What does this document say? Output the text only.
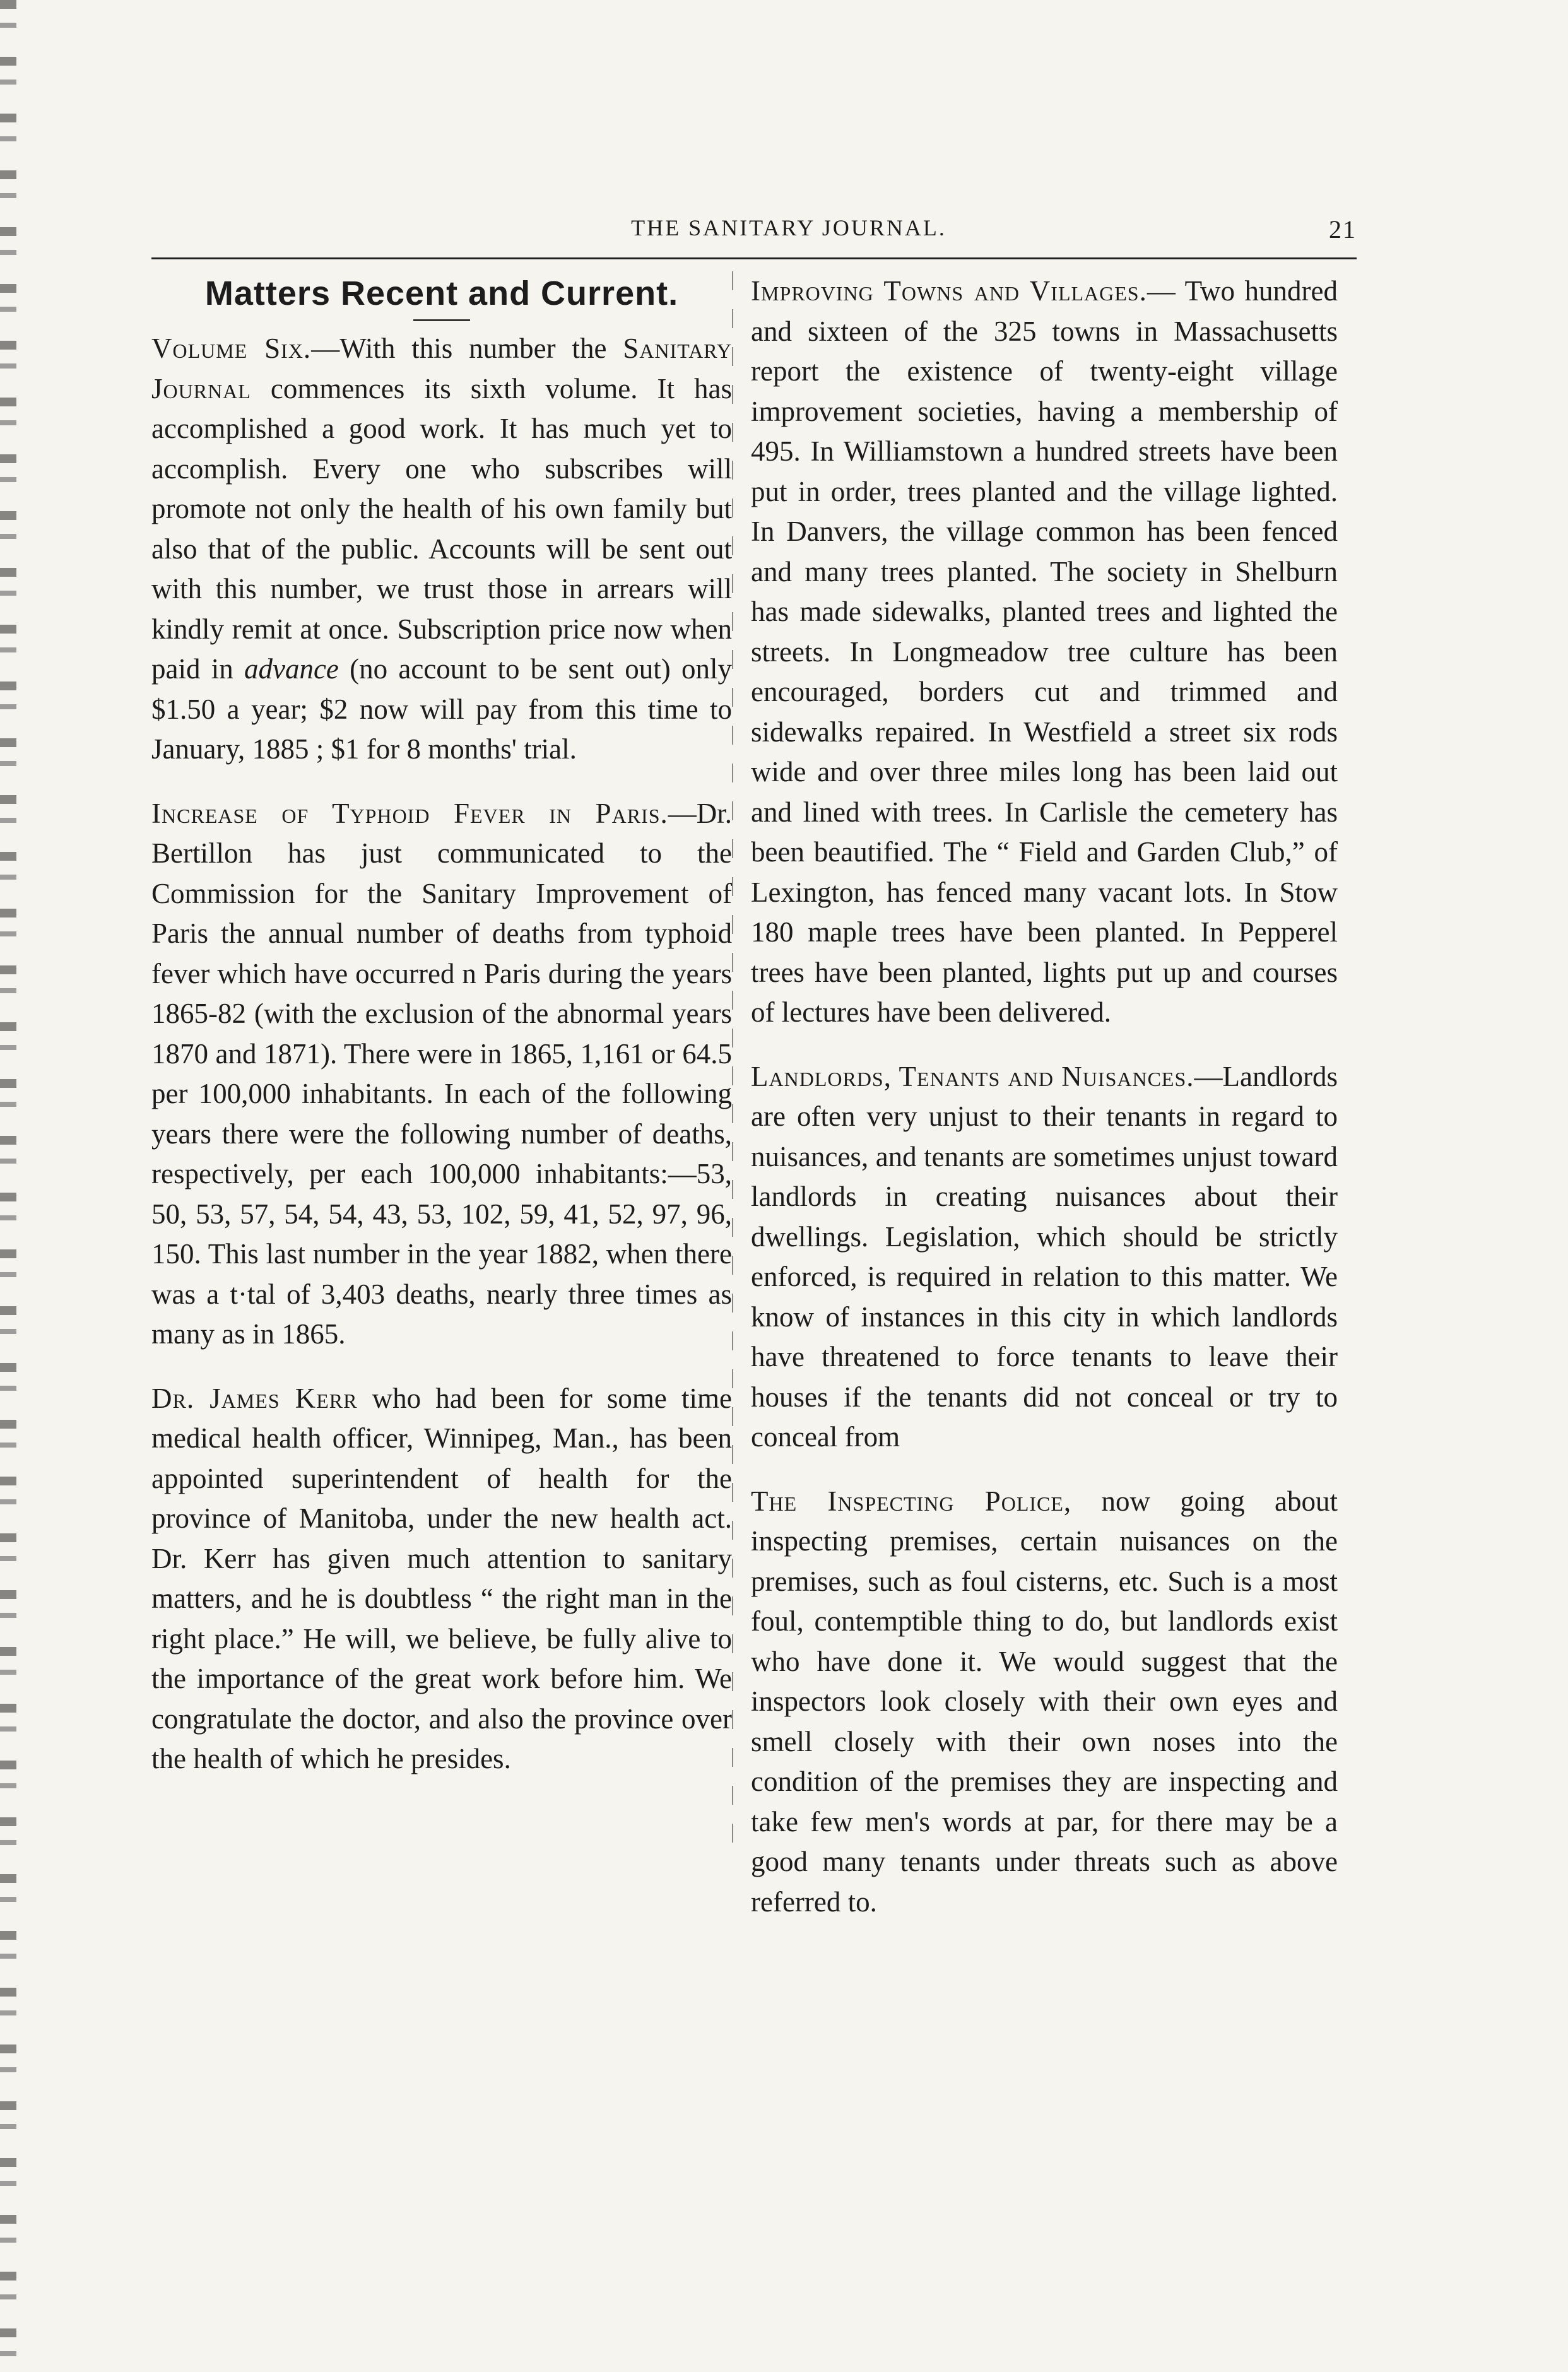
THE SANITARY JOURNAL.	21
Matters Recent and Current.

Volume Six.—With this number the Sanitary Journal commences its sixth volume. It has accomplished a good work. It has much yet to accomplish. Every one who subscribes will promote not only the health of his own family but also that of the public. Accounts will be sent out with this number, we trust those in arrears will kindly remit at once. Subscription price now when paid in advance (no account to be sent out) only $1.50 a year; $2 now will pay from this time to January, 1885 ; $1 for 8 months' trial.

Increase of Typhoid Fever in Paris.—Dr. Bertillon has just communicated to the Commission for the Sanitary Improvement of Paris the annual number of deaths from typhoid fever which have occurred n Paris during the years 1865-82 (with the exclusion of the abnormal years 1870 and 1871). There were in 1865, 1,161 or 64.5 per 100,000 inhabitants. In each of the following years there were the following number of deaths, respectively, per each 100,000 inhabitants:—53, 50, 53, 57, 54, 54, 43, 53, 102, 59, 41, 52, 97, 96, 150. This last number in the year 1882, when there was a t·tal of 3,403 deaths, nearly three times as many as in 1865.

Dr. James Kerr who had been for some time medical health officer, Winnipeg, Man., has been appointed superintendent of health for the province of Manitoba, under the new health act. Dr. Kerr has given much attention to sanitary matters, and he is doubtless “ the right man in the right place.” He will, we believe, be fully alive to the importance of the great work before him. We congratulate the doctor, and also the province over the health of which he presides.

Improving Towns and Villages.— Two hundred and sixteen of the 325 towns in Massachusetts report the existence of twenty-eight village improvement societies, having a membership of 495. In Williamstown a hundred streets have been put in order, trees planted and the village lighted. In Danvers, the village common has been fenced and many trees planted. The society in Shelburn has made sidewalks, planted trees and lighted the streets. In Longmeadow tree culture has been encouraged, borders cut and trimmed and sidewalks repaired. In Westfield a street six rods wide and over three miles long has been laid out and lined with trees. In Carlisle the cemetery has been beautified. The “ Field and Garden Club,” of Lexington, has fenced many vacant lots. In Stow 180 maple trees have been planted. In Pepperel trees have been planted, lights put up and courses of lectures have been delivered.

Landlords, Tenants and Nuisances.—Landlords are often very unjust to their tenants in regard to nuisances, and tenants are sometimes unjust toward landlords in creating nuisances about their dwellings. Legislation, which should be strictly enforced, is required in relation to this matter. We know of instances in this city in which landlords have threatened to force tenants to leave their houses if the tenants did not conceal or try to conceal from

The Inspecting Police, now going about inspecting premises, certain nuisances on the premises, such as foul cisterns, etc. Such is a most foul, contemptible thing to do, but landlords exist who have done it. We would suggest that the inspectors look closely with their own eyes and smell closely with their own noses into the condition of the premises they are inspecting and take few men's words at par, for there may be a good many tenants under threats such as above referred to.
